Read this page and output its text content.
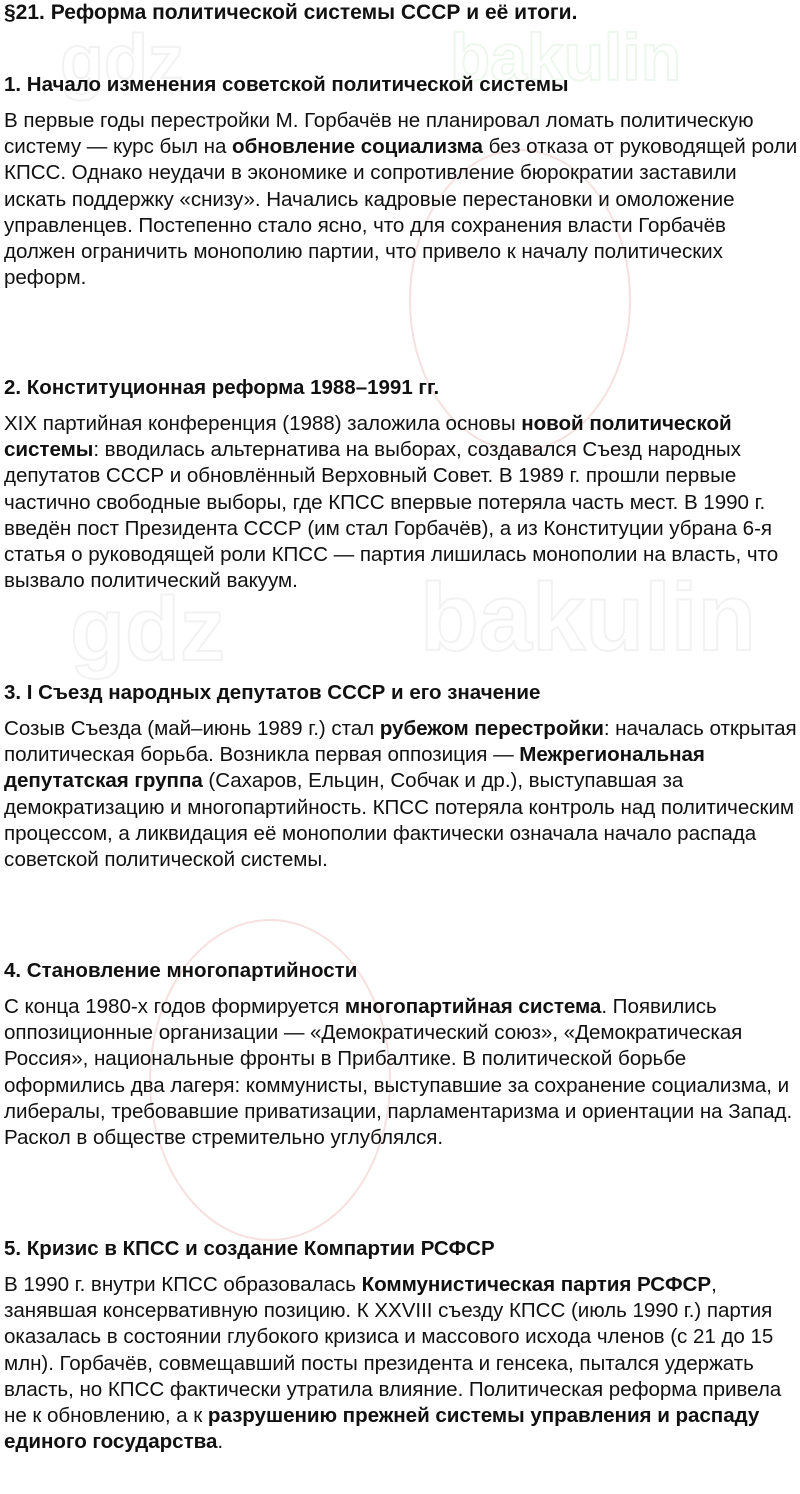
gdz	bakulin
gdz bakulin
§21. Реформа политической системы СССР и её итоги.
1. Начало изменения советской политической системы

В первые годы перестройки М. Горбачёв не планировал ломать политическую систему — курс был на обновление социализма без отказа от руководящей роли КПСС. Однако неудачи в экономике и сопротивление бюрократии заставили искать поддержку «снизу». Начались кадровые перестановки и омоложение управленцев. Постепенно стало ясно, что для сохранения власти Горбачёв должен ограничить монополию партии, что привело к началу политических реформ.

2. Конституционная реформа 1988–1991 гг.

XIX партийная конференция (1988) заложила основы новой политической системы: вводилась альтернатива на выборах, создавался Съезд народных депутатов СССР и обновлённый Верховный Совет. В 1989 г. прошли первые частично свободные выборы, где КПСС впервые потеряла часть мест. В 1990 г. введён пост Президента СССР (им стал Горбачёв), а из Конституции убрана 6-я статья о руководящей роли КПСС — партия лишилась монополии на власть, что вызвало политический вакуум.

3. I Съезд народных депутатов СССР и его значение

Созыв Съезда (май–июнь 1989 г.) стал рубежом перестройки: началась открытая политическая борьба. Возникла первая оппозиция — Межрегиональная депутатская группа (Сахаров, Ельцин, Собчак и др.), выступавшая за демократизацию и многопартийность. КПСС потеряла контроль над политическим процессом, а ликвидация её монополии фактически означала начало распада советской политической системы.

4. Становление многопартийности

С конца 1980-х годов формируется многопартийная система. Появились оппозиционные организации — «Демократический союз», «Демократическая Россия», национальные фронты в Прибалтике. В политической борьбе оформились два лагеря: коммунисты, выступавшие за сохранение социализма, и либералы, требовавшие приватизации, парламентаризма и ориентации на Запад. Раскол в обществе стремительно углублялся.

5. Кризис в КПСС и создание Компартии РСФСР

В 1990 г. внутри КПСС образовалась Коммунистическая партия РСФСР, занявшая консервативную позицию. К XXVIII съезду КПСС (июль 1990 г.) партия оказалась в состоянии глубокого кризиса и массового исхода членов (с 21 до 15 млн). Горбачёв, совмещавший посты президента и генсека, пытался удержать власть, но КПСС фактически утратила влияние. Политическая реформа привела не к обновлению, а к разрушению прежней системы управления и распаду единого государства.
